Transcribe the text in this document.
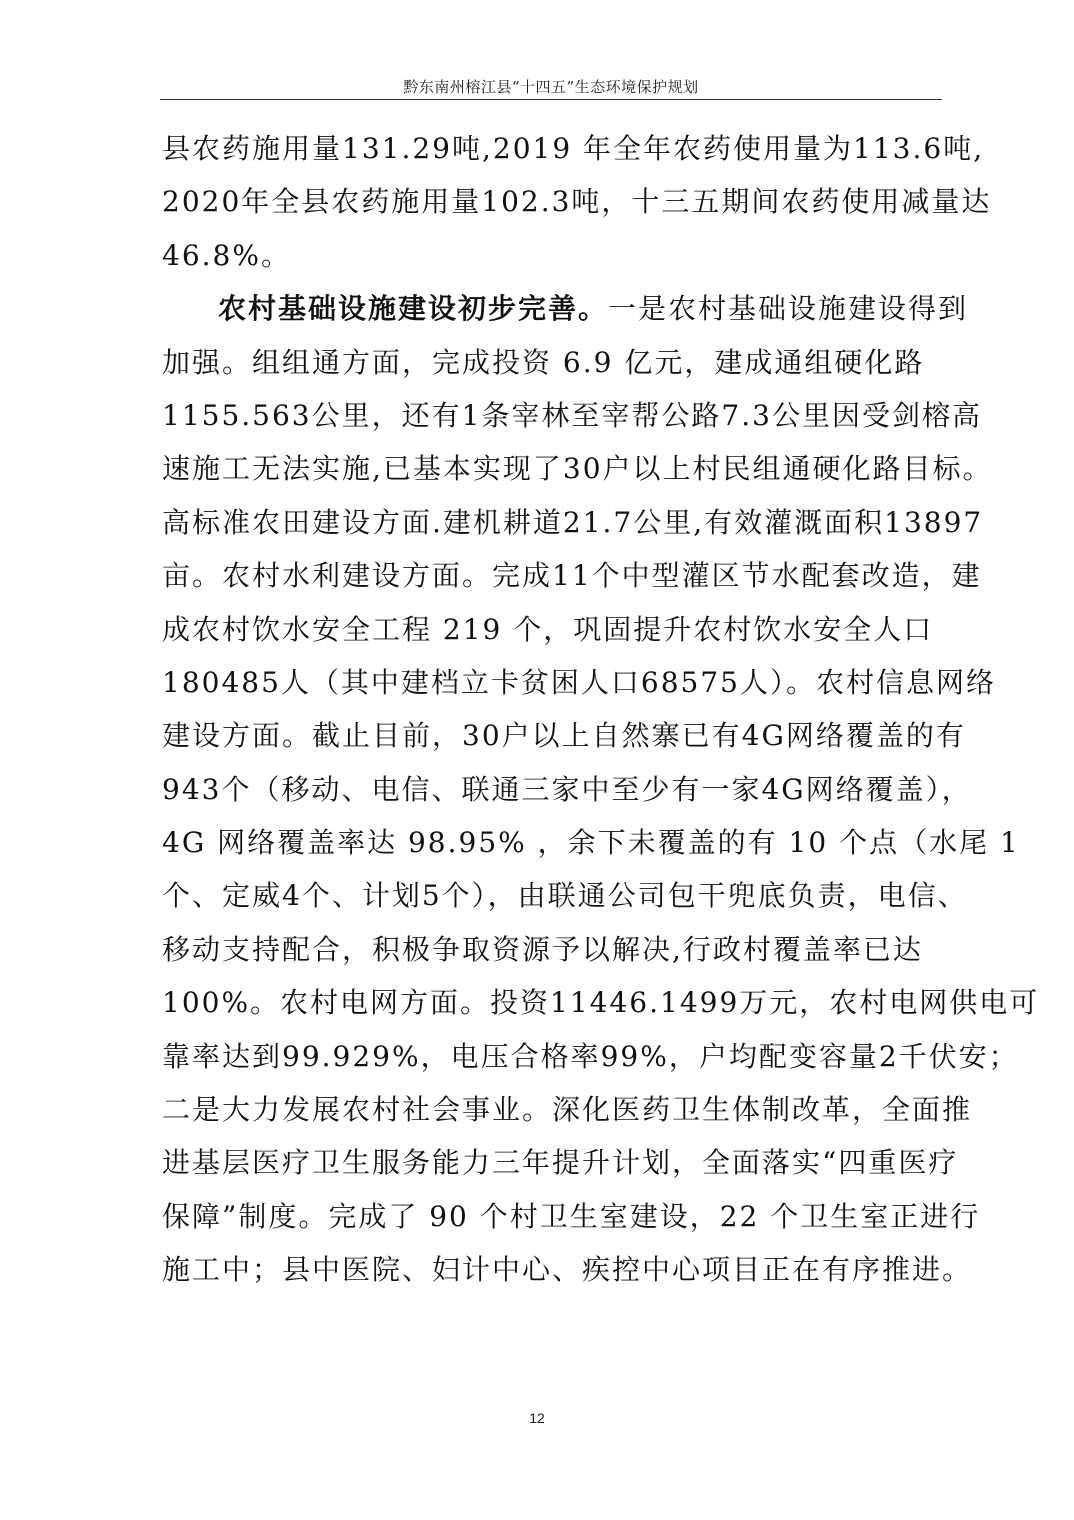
黔东南州榕江县“十四五”生态环境保护规划
县农药施用量131.29吨,2019 年全年农药使用量为113.6吨,
2020年全县农药施用量102.3吨，十三五期间农药使用减量达
46.8%。
农村基础设施建设初步完善。一是农村基础设施建设得到
加强。组组通方面，完成投资 6.9 亿元，建成通组硬化路
1155.563公里，还有1条宰林至宰帮公路7.3公里因受剑榕高
速施工无法实施,已基本实现了30户以上村民组通硬化路目标。
高标准农田建设方面.建机耕道21.7公里,有效灌溉面积13897
亩。农村水利建设方面。完成11个中型灌区节水配套改造，建
成农村饮水安全工程 219 个，巩固提升农村饮水安全人口
180485人（其中建档立卡贫困人口68575人）。农村信息网络
建设方面。截止目前，30户以上自然寨已有4G网络覆盖的有
943个（移动、电信、联通三家中至少有一家4G网络覆盖），
4G 网络覆盖率达 98.95% ，余下未覆盖的有 10 个点（水尾 1
个、定威4个、计划5个），由联通公司包干兜底负责，电信、
移动支持配合，积极争取资源予以解决,行政村覆盖率已达
100%。农村电网方面。投资11446.1499万元，农村电网供电可
靠率达到99.929%，电压合格率99%，户均配变容量2千伏安；
二是大力发展农村社会事业。深化医药卫生体制改革，全面推
进基层医疗卫生服务能力三年提升计划，全面落实“四重医疗
保障”制度。完成了 90 个村卫生室建设，22 个卫生室正进行
施工中；县中医院、妇计中心、疾控中心项目正在有序推进。
12
